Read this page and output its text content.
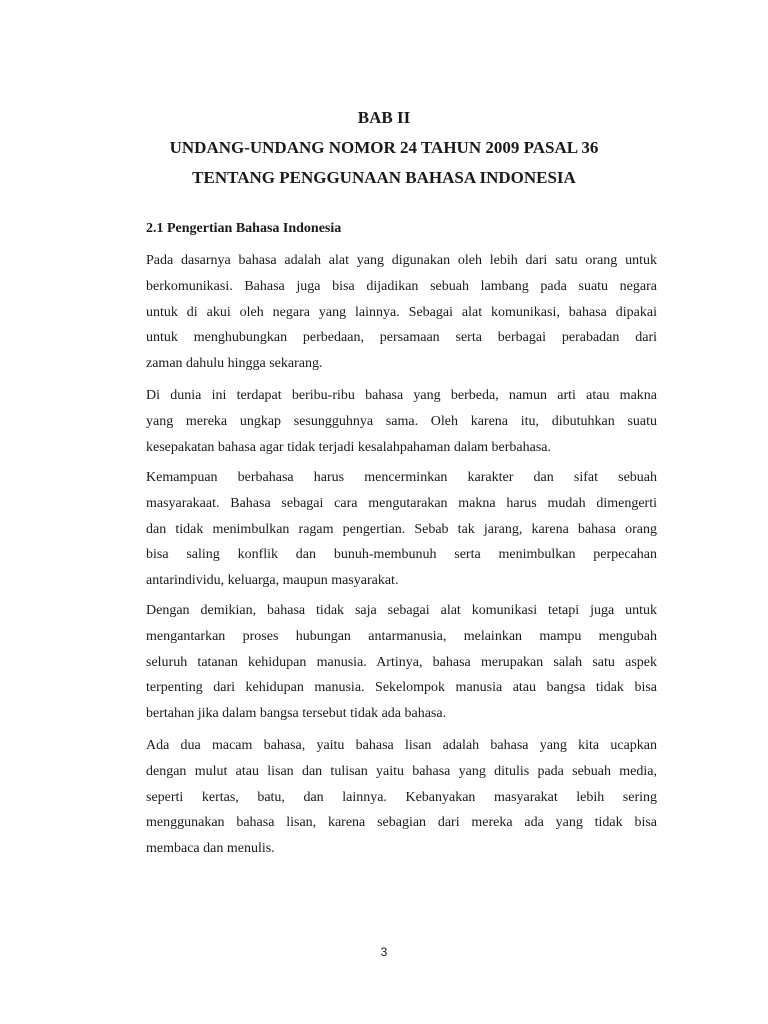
BAB II
UNDANG-UNDANG NOMOR 24 TAHUN 2009 PASAL 36
TENTANG PENGGUNAAN BAHASA INDONESIA
2.1 Pengertian Bahasa Indonesia
Pada dasarnya bahasa adalah alat yang digunakan oleh lebih dari satu orang untuk
berkomunikasi. Bahasa juga bisa dijadikan sebuah lambang pada suatu negara
untuk di akui oleh negara yang lainnya. Sebagai alat komunikasi, bahasa dipakai
untuk menghubungkan perbedaan, persamaan serta berbagai perabadan dari
zaman dahulu hingga sekarang.
Di dunia ini terdapat beribu-ribu bahasa yang berbeda, namun arti atau makna
yang mereka ungkap sesungguhnya sama. Oleh karena itu, dibutuhkan suatu
kesepakatan bahasa agar tidak terjadi kesalahpahaman dalam berbahasa.
Kemampuan berbahasa harus mencerminkan karakter dan sifat sebuah
masyarakaat. Bahasa sebagai cara mengutarakan makna harus mudah dimengerti
dan tidak menimbulkan ragam pengertian. Sebab tak jarang, karena bahasa orang
bisa saling konflik dan bunuh-membunuh serta menimbulkan perpecahan
antarindividu, keluarga, maupun masyarakat.
Dengan demikian, bahasa tidak saja sebagai alat komunikasi tetapi juga untuk
mengantarkan proses hubungan antarmanusia, melainkan mampu mengubah
seluruh tatanan kehidupan manusia. Artinya, bahasa merupakan salah satu aspek
terpenting dari kehidupan manusia. Sekelompok manusia atau bangsa tidak bisa
bertahan jika dalam bangsa tersebut tidak ada bahasa.
Ada dua macam bahasa, yaitu bahasa lisan adalah bahasa yang kita ucapkan
dengan mulut atau lisan dan tulisan yaitu bahasa yang ditulis pada sebuah media,
seperti kertas, batu, dan lainnya. Kebanyakan masyarakat lebih sering
menggunakan bahasa lisan, karena sebagian dari mereka ada yang tidak bisa
membaca dan menulis.
3
